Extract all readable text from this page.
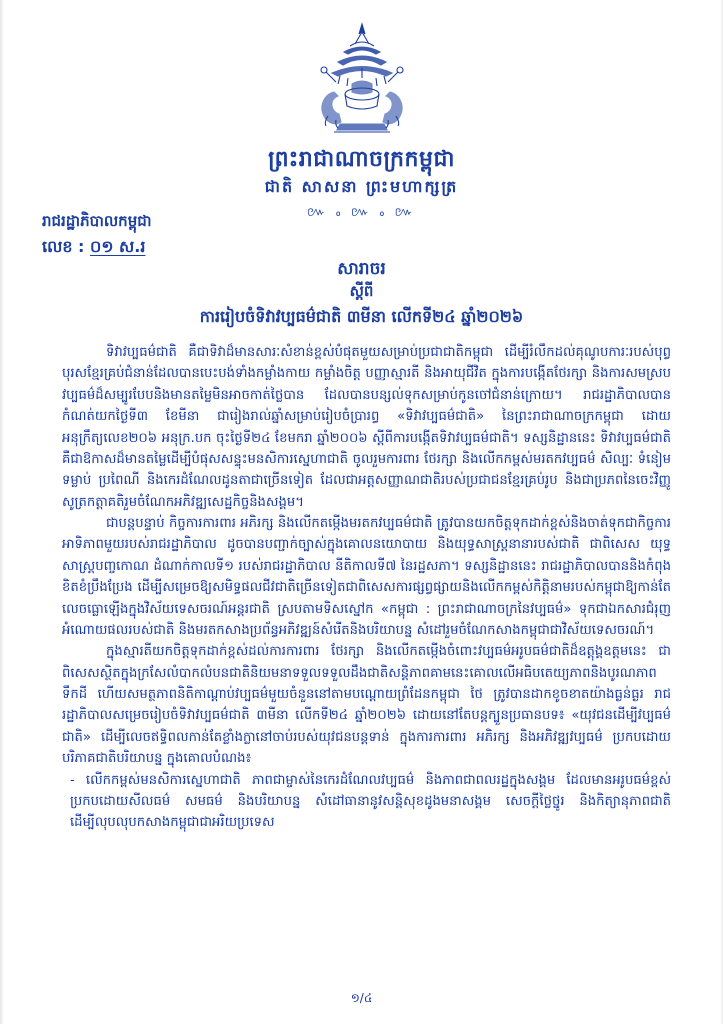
ព្រះរាជាណាចក្រកម្ពុជា
ជាតិ សាសនា ព្រះមហាក្សត្រ
៚ ៰ ៚ ៰ ៚
រាជរដ្ឋាភិបាលកម្ពុជា
លេខ : ០១ ស.រ
សារាចរ
ស្ដីពី
ការរៀបចំទិវាវប្បធម៌ជាតិ ៣មីនា លើកទី២៤ ឆ្នាំ២០២៦

ទិវាវប្បធម៌ជាតិ គឺជាទិវាដ៏មានសារៈសំខាន់ខ្ពស់បំផុតមួយសម្រាប់ប្រជាជាតិកម្ពុជា ដើម្បីរំលឹកដល់គុណូបការៈរបស់បុព្វបុរសខ្មែរគ្រប់ជំនាន់ដែលបានបេះបង់ទាំងកម្លាំងកាយ កម្លាំងចិត្ត បញ្ញាស្មារតី និងអាយុជីវិត ក្នុងការបង្កើតថែរក្សា និងការសមស្របវប្បធម៌ដ៏សម្បូរបែបនិងមានតម្លៃមិនអាចកាត់ថ្លៃបាន ដែលបានបន្សល់ទុកសម្រាប់កូនចៅជំនាន់ក្រោយ។ រាជរដ្ឋាភិបាលបានកំណត់យកថ្ងៃទី៣ ខែមីនា ជារៀងរាល់ឆ្នាំសម្រាប់រៀបចំប្រារព្ធ «ទិវាវប្បធម៌ជាតិ» នៃព្រះរាជាណាចក្រកម្ពុជា ដោយអនុក្រឹត្យលេខ២០៦ អនុក្រ.បក ចុះថ្ងៃទី២៤ ខែមករា ឆ្នាំ២០០៦ ស្ដីពីការបង្កើតទិវាវប្បធម៌ជាតិ។ ទស្សនិដ្ឋាននេះ ទិវាវប្បធម៌ជាតិគឺជាឱកាសដ៏មានតម្លៃដើម្បីបំផុសសន្ទុះមនសិការស្នេហាជាតិ ចូលរួមការពារ ថែរក្សា និងលើកកម្ពស់មរតកវប្បធម៌ សិល្បៈ ទំនៀមទម្លាប់ ប្រពៃណី និងកេរដំណែលដូនតាជាច្រើនទៀត ដែលជាអត្តសញ្ញាណជាតិរបស់ប្រជាជនខ្មែរគ្រប់រូប និងជាប្រភពនៃចេះវិញ្ញូសូត្រកត្តាគតិរួមចំណែកអភិវឌ្ឍសេដ្ឋកិច្ចនិងសង្គម។

ជាបន្តបន្ទាប់ កិច្ចការការពារ អភិរក្ស និងលើកតម្កើងមរតកវប្បធម៌ជាតិ ត្រូវបានយកចិត្តទុកដាក់ខ្ពស់និងចាត់ទុកជាកិច្ចការអាទិភាពមួយរបស់រាជរដ្ឋាភិបាល ដូចបានបញ្ជាក់ច្បាស់ក្នុងគោលនយោបាយ និងយុទ្ធសាស្ត្រនានារបស់ជាតិ ជាពិសេស យុទ្ធសាស្ត្របញ្ចកោណ ដំណាក់កាលទី១ របស់រាជរដ្ឋាភិបាល នីតិកាលទី៧ នៃរដ្ឋសភា។ ទស្សនិដ្ឋាននេះ រាជរដ្ឋាភិបាលបាននិងកំពុងខិតខំប្រឹងប្រែង ដើម្បីសម្រេចឱ្យសមិទ្ធផលជីវជាតិច្រើនទៀតជាពិសេសការផ្សព្វផ្សាយនិងលើកកម្ពស់កិត្តិនាមរបស់កម្ពុជាឱ្យកាន់តែលេចធ្លោឡើងក្នុងវិស័យទេសចរណ៍អន្តរជាតិ ស្របតាមទិសស្នៅក «កម្ពុជា : ព្រះរាជាណាចក្រនៃវប្បធម៌» ទុកជាឯកសារជំរុញអំណោយផលរបស់ជាតិ និងមរតកសាងប្រព័ន្ធអភិវឌ្ឍន៍សំរើតនិងបរិយាបន្ន សំដៅរួមចំណែកសាងកម្ពុជាជាវិស័យទេសចរណ៍។

ក្នុងស្មារតីយកចិត្តទុកដាក់ខ្ពស់ដល់ការការពារ ថែរក្សា និងលើកតម្កើងចំពោះវប្បធម៌អរូបធម៌ជាតិដ៏ឧត្តុង្គឧត្តមនេះ ជាពិសេសស្ថិតក្នុងក្រសែលំបាកលំបនជាតិនិយមនាទទួលទទួលដឹងជាតិសន្តិភាពគាមនេះគោលលើអធិបតេយ្យភាពនិងបូរណភាពទឹកដី ហើយសមត្ថភាពនិតិកាណ្ដាប់វប្បធម៌មួយចំនួននៅតាមបណ្ដោយព្រំដែនកម្ពុជា ថៃ ត្រូវបានដាកខូចខាតយ៉ាងធ្ងន់ធ្ងរ រាជរដ្ឋាភិបាលសម្រេចរៀបចំទិវាវប្បធម៌ជាតិ ៣មីនា លើកទី២៤ ឆ្នាំ២០២៦ ដោយនៅតែបន្តក្បួនប្រធានបទ៖ «យុវជនដើម្បីវប្បធម៌ជាតិ» ដើម្បីលេចឥទ្ធិពលកាន់តែខ្លាំងក្លានៅចាប់របស់យុវជនបន្តទាន់ ក្នុងការការពារ អភិរក្ស និងអភិវឌ្ឍវប្បធម៌ ប្រកបដោយបរិភាគជាតិបរិយាបន្ន ក្នុងគោលបំណង៖

- លើកកម្ពស់មនសិការស្នេហាជាតិ ភាពជាម្ចាស់នៃកេរដំណែលវប្បធម៌ និងភាពជាពលរដ្ឋក្នុងសង្គម ដែលមានអរូបធម៌ខ្ពស់ ប្រកបដោយសីលធម៌ សមធម៌ និងបរិយាបន្ន សំដៅធានានូវសន្តិសុខដូងមនាសង្គម សេចក្ដីថ្លៃថ្នូរ និងកិត្យានុភាពជាតិ ដើម្បីលុបលុបកសាងកម្ពុជាជាអរិយប្រទេស

១/៤
